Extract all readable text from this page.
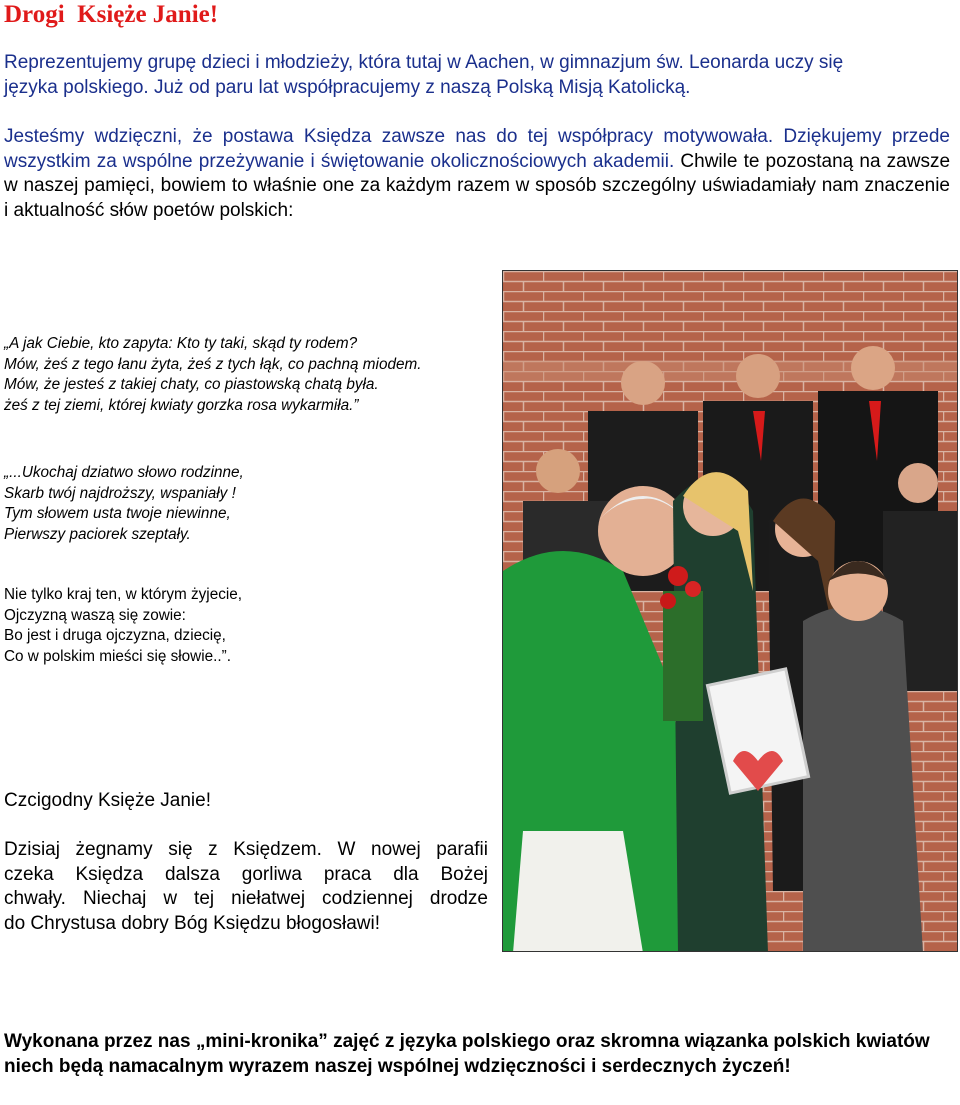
Drogi  Księże Janie!
Reprezentujemy grupę dzieci i młodzieży, która tutaj w Aachen, w gimnazjum św. Leonarda uczy się
języka polskiego. Już od paru lat współpracujemy z naszą Polską Misją Katolicką.
Jesteśmy wdzięczni, że postawa Księdza zawsze nas do tej współpracy motywowała. Dziękujemy przede wszystkim za wspólne przeżywanie i świętowanie okolicznościowych akademii. Chwile te pozostaną na zawsze w naszej pamięci, bowiem to właśnie one za każdym razem w sposób szczególny uświadamiały nam znaczenie i aktualność słów poetów polskich:
„A jak Ciebie, kto zapyta: Kto ty taki, skąd ty rodem?
Mów, żeś z tego łanu żyta, żeś z tych łąk, co pachną miodem.
Mów, że jesteś z takiej chaty, co piastowską chatą była.
żeś z tej ziemi, której kwiaty gorzka rosa wykarmiła.”
„...Ukochaj dziatwo słowo rodzinne,
Skarb twój najdroższy, wspaniały !
Tym słowem usta twoje niewinne,
Pierwszy paciorek szeptały.
Nie tylko kraj ten, w którym żyjecie,
Ojczyzną waszą się zowie:
Bo jest i druga ojczyzna, dziecię,
Co w polskim mieści się słowie..”.
Czcigodny Księże Janie!
Dzisiaj żegnamy się z Księdzem. W nowej parafii
czeka Księdza dalsza gorliwa praca dla Bożej
chwały. Niechaj w tej niełatwej codziennej drodze
do Chrystusa dobry Bóg Księdzu błogosławi!
Wykonana przez nas „mini-kronika” zajęć z języka polskiego oraz skromna wiązanka polskich kwiatów niech będą namacalnym wyrazem naszej wspólnej wdzięczności i serdecznych życzeń!
